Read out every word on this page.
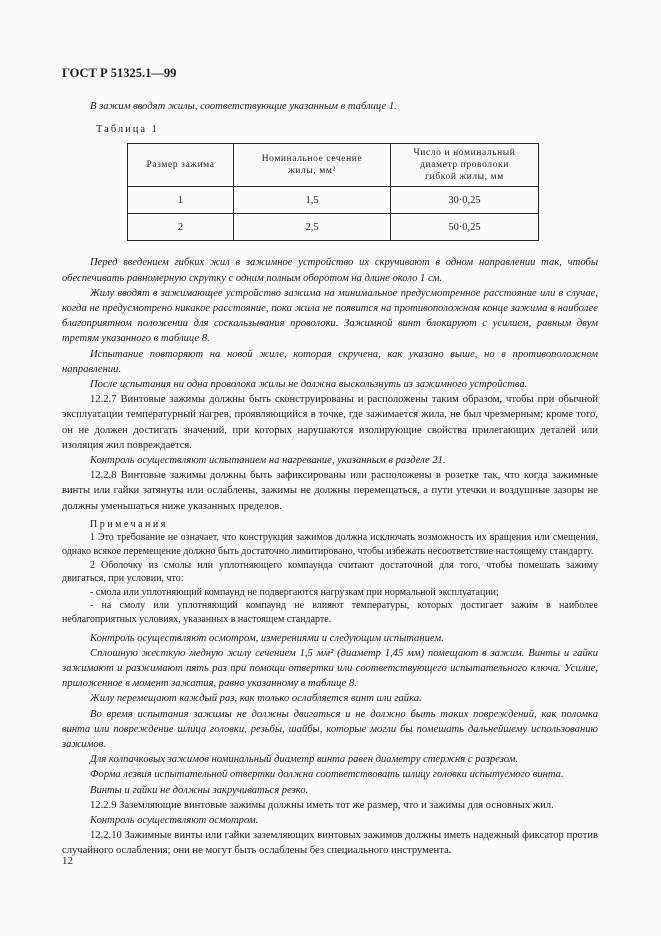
ГОСТ Р 51325.1—99

В зажим вводят жилы, соответствующие указанным в таблице 1.

Таблица 1
Размер зажима	Номинальное сечение жилы, мм²	Число и номинальный диаметр проволоки гибкой жилы, мм
1	1,5	30·0,25
2	2,5	50·0,25

Перед введением гибких жил в зажимное устройство их скручивают в одном направлении так, чтобы обеспечивать равномерную скрутку с одним полным оборотом на длине около 1 см.

Жилу вводят в зажимающее устройство зажима на минимальное предусмотренное расстояние или в случае, когда не предусмотрено никакое расстояние, пока жила не появится на противоположном конце зажима в наиболее благоприятном положении для соскальзывания проволоки. Зажимной винт блокируют с усилием, равным двум третям указанного в таблице 8.

Испытание повторяют на новой жиле, которая скручена, как указано выше, но в противоположном направлении.

После испытания ни одна проволока жилы не должна выскользнуть из зажимного устройства.

12.2.7 Винтовые зажимы должны быть сконструированы и расположены таким образом, чтобы при обычной эксплуатации температурный нагрев, проявляющийся в точке, где зажимается жила, не был чрезмерным; кроме того, он не должен достигать значений, при которых нарушаются изолирующие свойства прилегающих деталей или изоляция жил повреждается.

Контроль осуществляют испытанием на нагревание, указанным в разделе 21.

12.2.8 Винтовые зажимы должны быть зафиксированы или расположены в розетке так, что когда зажимные винты или гайки затянуты или ослаблены, зажимы не должны перемещаться, а пути утечки и воздушные зазоры не должны уменьшаться ниже указанных пределов.

Примечания

1 Это требование не означает, что конструкция зажимов должна исключать возможность их вращения или смещения, однако всякое перемещение должно быть достаточно лимитировано, чтобы избежать несоответствие настоящему стандарту.

2 Оболочку из смолы или уплотняющего компаунда считают достаточной для того, чтобы помешать зажиму двигаться, при условии, что:

- смола или уплотняющий компаунд не подвергаются нагрузкам при нормальной эксплуатации;

- на смолу или уплотняющий компаунд не влияют температуры, которых достигает зажим в наиболее неблагоприятных условиях, указанных в настоящем стандарте.

Контроль осуществляют осмотром, измерениями и следующим испытанием.

Сплошную жесткую медную жилу сечением 1,5 мм² (диаметр 1,45 мм) помещают в зажим. Винты и гайки зажимают и разжимают пять раз при помощи отвертки или соответствующего испытательного ключа. Усилие, приложенное в момент зажатия, равно указанному в таблице 8.

Жилу перемещают каждый раз, как только ослабляется винт или гайка.

Во время испытания зажимы не должны двигаться и не должно быть таких повреждений, как поломка винта или повреждение шлица головки, резьбы, шайбы, которые могли бы помешать дальнейшему использованию зажимов.

Для колпачковых зажимов номинальный диаметр винта равен диаметру стержня с разрезом.

Форма лезвия испытательной отвертки должна соответствовать шлицу головки испытуемого винта.

Винты и гайки не должны закручиваться резко.

12.2.9 Заземляющие винтовые зажимы должны иметь тот же размер, что и зажимы для основных жил.

Контроль осуществляют осмотром.

12.2.10 Зажимные винты или гайки заземляющих винтовых зажимов должны иметь надежный фиксатор против случайного ослабления; они не могут быть ослаблены без специального инструмента.

12
